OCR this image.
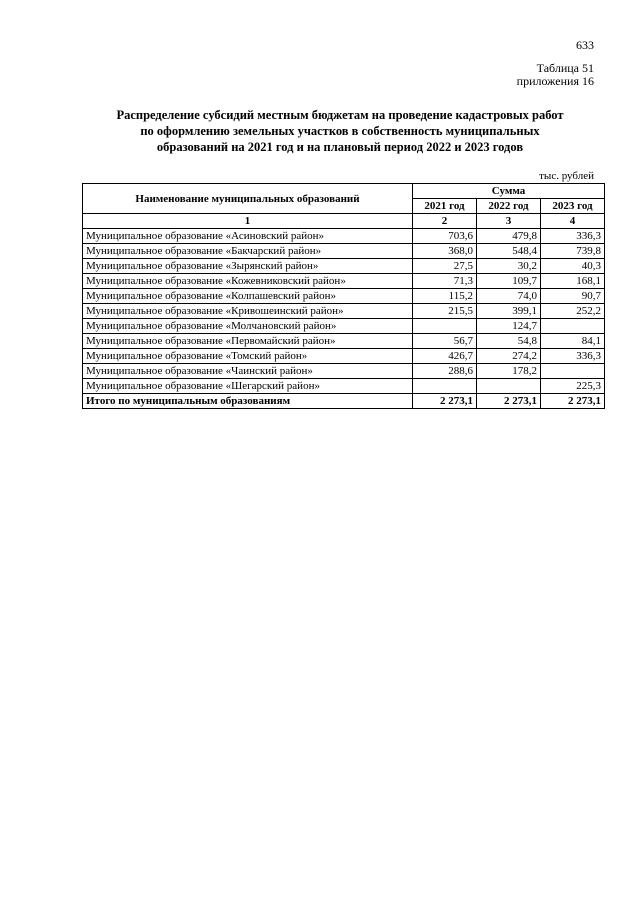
633
Таблица 51
приложения 16
Распределение субсидий местным бюджетам на проведение кадастровых работ
по оформлению земельных участков в собственность муниципальных
образований на 2021 год и на плановый период 2022 и 2023 годов
тыс. рублей
Наименование муниципальных образований	Сумма		
	2021 год	2022 год	2023 год
1	2	3	4
Муниципальное образование «Асиновский район»	703,6	479,8	336,3
Муниципальное образование «Бакчарский район»	368,0	548,4	739,8
Муниципальное образование «Зырянский район»	27,5	30,2	40,3
Муниципальное образование «Кожевниковский район»	71,3	109,7	168,1
Муниципальное образование «Колпашевский район»	115,2	74,0	90,7
Муниципальное образование «Кривошеинский район»	215,5	399,1	252,2
Муниципальное образование «Молчановский район»		124,7	
Муниципальное образование «Первомайский район»	56,7	54,8	84,1
Муниципальное образование «Томский район»	426,7	274,2	336,3
Муниципальное образование «Чаинский район»	288,6	178,2	
Муниципальное образование «Шегарский район»			225,3
Итого по муниципальным образованиям	2 273,1	2 273,1	2 273,1
